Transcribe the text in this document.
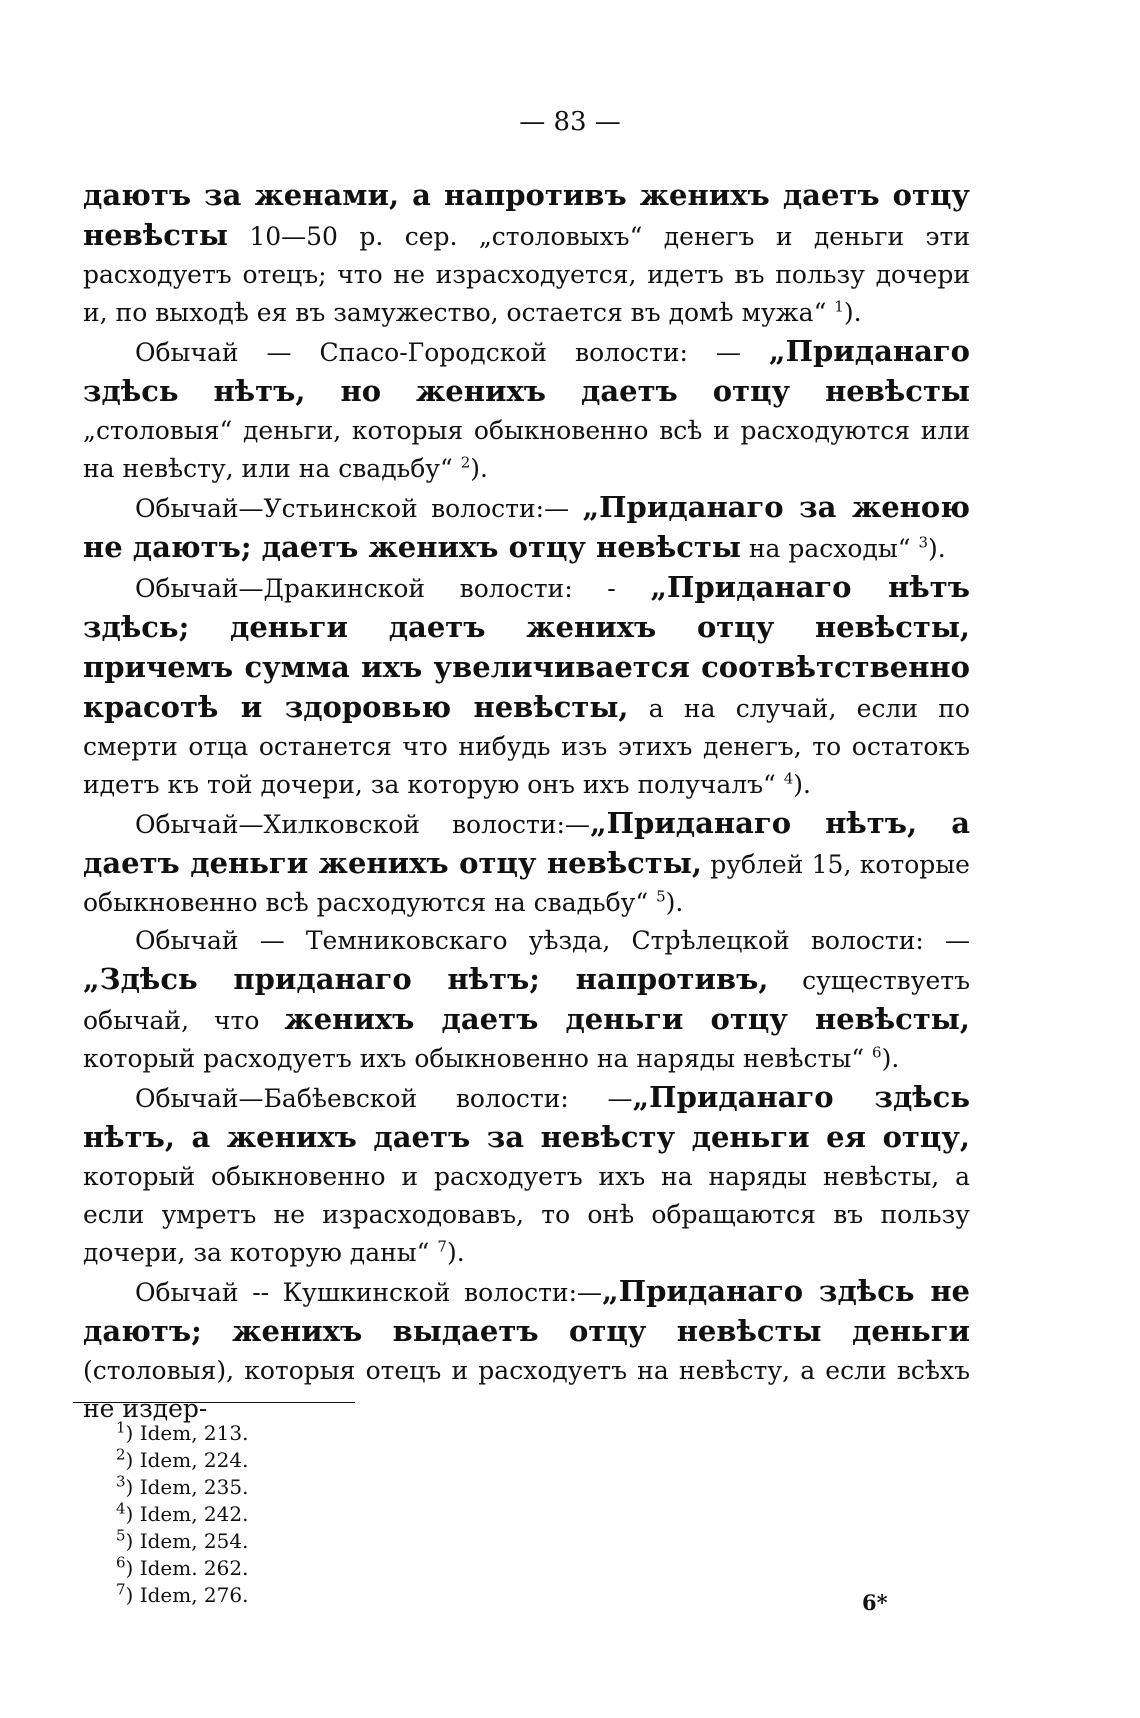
— 83 —

даютъ за женами, а напротивъ женихъ даетъ отцу невѣсты 10—50 р. сер. „столовыхъ“ денегъ и деньги эти расходуетъ отецъ; что не израсходуется, идетъ въ пользу дочери и, по выходѣ ея въ замужество, остается въ домѣ мужа“ $^1$).

Обычай — Спасо-Городской волости: — „Приданаго здѣсь нѣтъ, но женихъ даетъ отцу невѣсты „столовыя“ деньги, которыя обыкновенно всѣ и расходуются или на невѣсту, или на свадьбу“ $^2$).

Обычай—Устьинской волости:— „Приданаго за женою не даютъ; даетъ женихъ отцу невѣсты на расходы“ $^3$).

Обычай—Дракинской волости: - „Приданаго нѣтъ здѣсь; деньги даетъ женихъ отцу невѣсты, причемъ сумма ихъ увеличивается соотвѣтственно красотѣ и здоровью невѣсты, а на случай, если по смерти отца останется что нибудь изъ этихъ денегъ, то остатокъ идетъ къ той дочери, за которую онъ ихъ получалъ“ $^4$).

Обычай—Хилковской волости:—„Приданаго нѣтъ, а даетъ деньги женихъ отцу невѣсты, рублей 15, которые обыкновенно всѣ расходуются на свадьбу“ $^5$).

Обычай — Темниковскаго уѣзда, Стрѣлецкой волости: — „Здѣсь приданаго нѣтъ; напротивъ, существуетъ обычай, что женихъ даетъ деньги отцу невѣсты, который расходуетъ ихъ обыкновенно на наряды невѣсты“ $^6$).

Обычай—Бабѣевской волости: —„Приданаго здѣсь нѣтъ, а женихъ даетъ за невѣсту деньги ея отцу, который обыкновенно и расходуетъ ихъ на наряды невѣсты, а если умретъ не израсходовавъ, то онѣ обращаются въ пользу дочери, за которую даны“ $^7$).

Обычай -- Кушкинской волости:—„Приданаго здѣсь не даютъ; женихъ выдаетъ отцу невѣсты деньги (столовыя), которыя отецъ и расходуетъ на невѣсту, а если всѣхъ не издер-

$^1$) Idem, 213.
$^2$) Idem, 224.
$^3$) Idem, 235.
$^4$) Idem, 242.
$^5$) Idem, 254.
$^6$) Idem. 262.
$^7$) Idem, 276.	6*
